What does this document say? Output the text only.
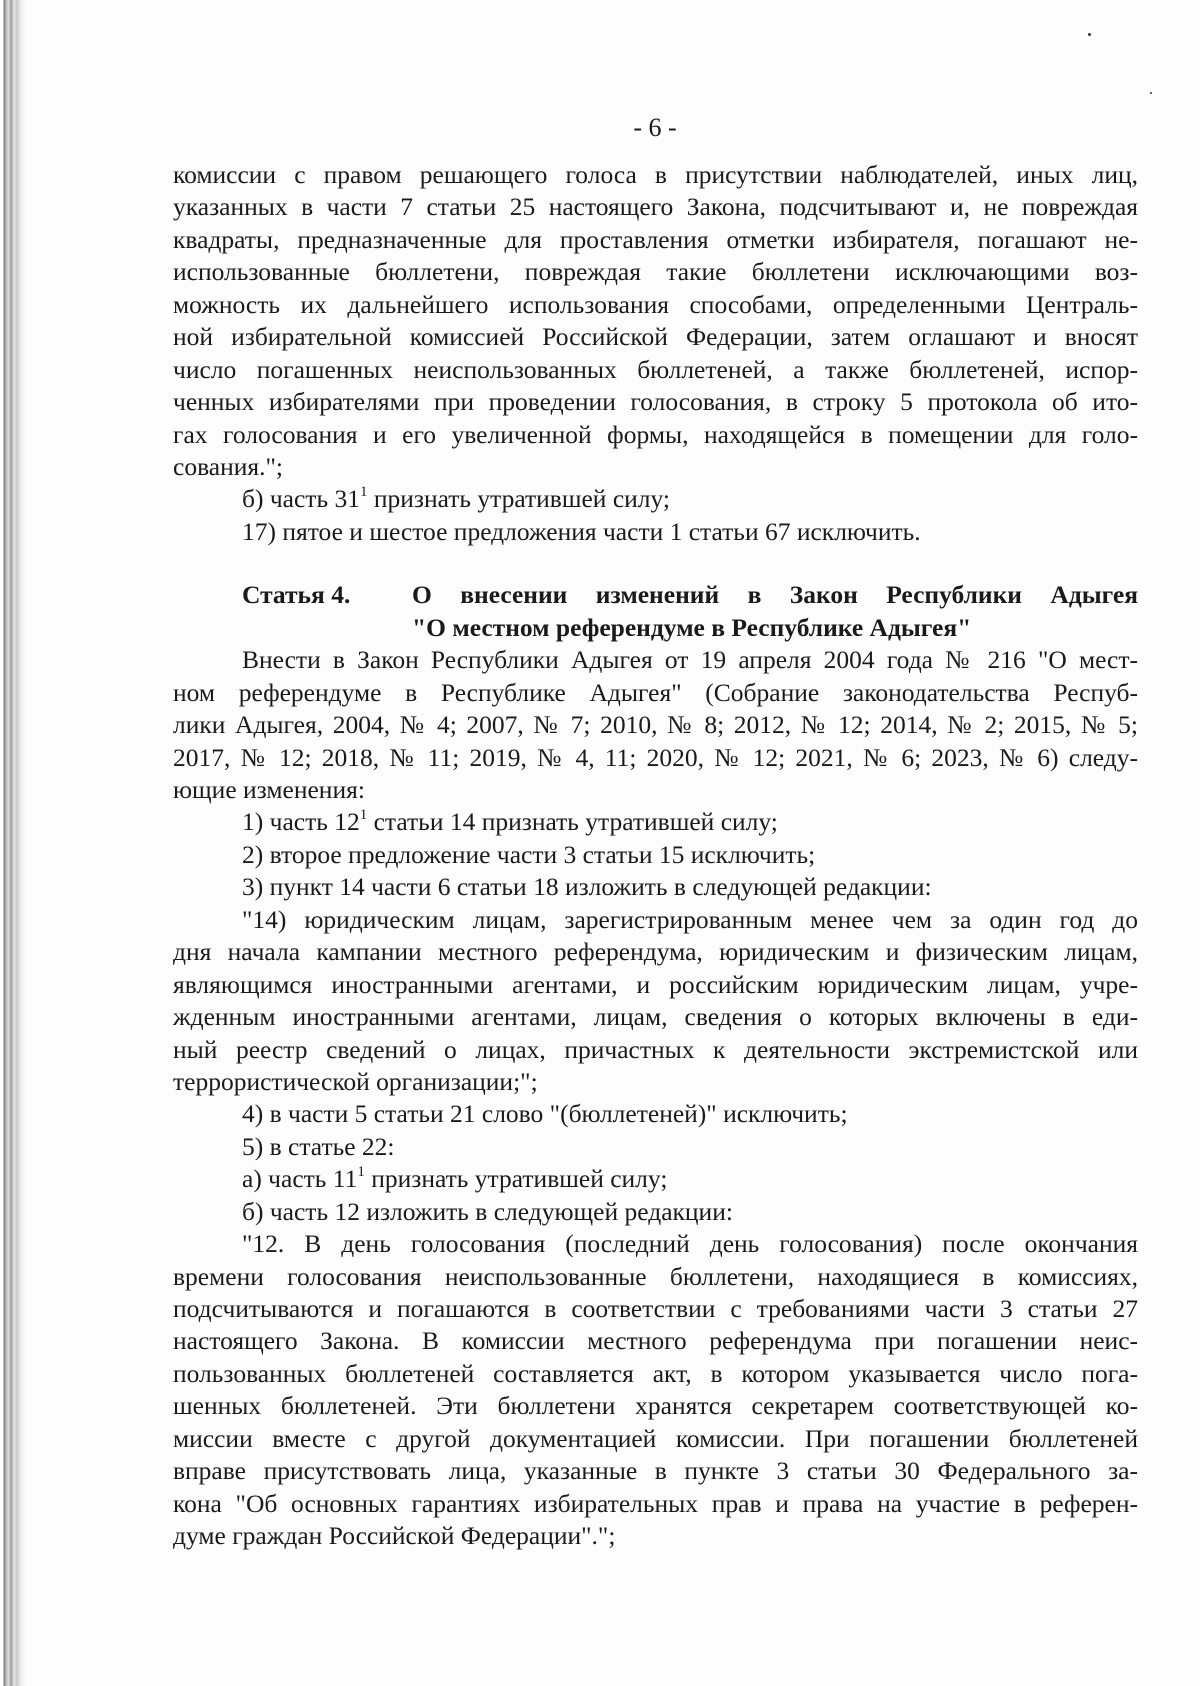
- 6 -
комиссии с правом решающего голоса в присутствии наблюдателей, иных лиц,
указанных в части 7 статьи 25 настоящего Закона, подсчитывают и, не повреждая
квадраты, предназначенные для проставления отметки избирателя, погашают не-
использованные бюллетени, повреждая такие бюллетени исключающими воз-
можность их дальнейшего использования способами, определенными Централь-
ной избирательной комиссией Российской Федерации, затем оглашают и вносят
число погашенных неиспользованных бюллетеней, а также бюллетеней, испор-
ченных избирателями при проведении голосования, в строку 5 протокола об ито-
гах голосования и его увеличенной формы, находящейся в помещении для голо-
сования.";
б) часть $31^1$ признать утратившей силу;
17) пятое и шестое предложения части 1 статьи 67 исключить.
Статья 4. О внесении изменений в Закон Республики Адыгея
"О местном референдуме в Республике Адыгея"
Внести в Закон Республики Адыгея от 19 апреля 2004 года № 216 "О мест-
ном референдуме в Республике Адыгея" (Собрание законодательства Респуб-
лики Адыгея, 2004, № 4; 2007, № 7; 2010, № 8; 2012, № 12; 2014, № 2; 2015, № 5;
2017, № 12; 2018, № 11; 2019, № 4, 11; 2020, № 12; 2021, № 6; 2023, № 6) следу-
ющие изменения:
1) часть $12^1$ статьи 14 признать утратившей силу;
2) второе предложение части 3 статьи 15 исключить;
3) пункт 14 части 6 статьи 18 изложить в следующей редакции:
"14) юридическим лицам, зарегистрированным менее чем за один год до
дня начала кампании местного референдума, юридическим и физическим лицам,
являющимся иностранными агентами, и российским юридическим лицам, учре-
жденным иностранными агентами, лицам, сведения о которых включены в еди-
ный реестр сведений о лицах, причастных к деятельности экстремистской или
террористической организации;";
4) в части 5 статьи 21 слово "(бюллетеней)" исключить;
5) в статье 22:
а) часть $11^1$ признать утратившей силу;
б) часть 12 изложить в следующей редакции:
"12. В день голосования (последний день голосования) после окончания
времени голосования неиспользованные бюллетени, находящиеся в комиссиях,
подсчитываются и погашаются в соответствии с требованиями части 3 статьи 27
настоящего Закона. В комиссии местного референдума при погашении неис-
пользованных бюллетеней составляется акт, в котором указывается число пога-
шенных бюллетеней. Эти бюллетени хранятся секретарем соответствующей ко-
миссии вместе с другой документацией комиссии. При погашении бюллетеней
вправе присутствовать лица, указанные в пункте 3 статьи 30 Федерального за-
кона "Об основных гарантиях избирательных прав и права на участие в референ-
думе граждан Российской Федерации".";
